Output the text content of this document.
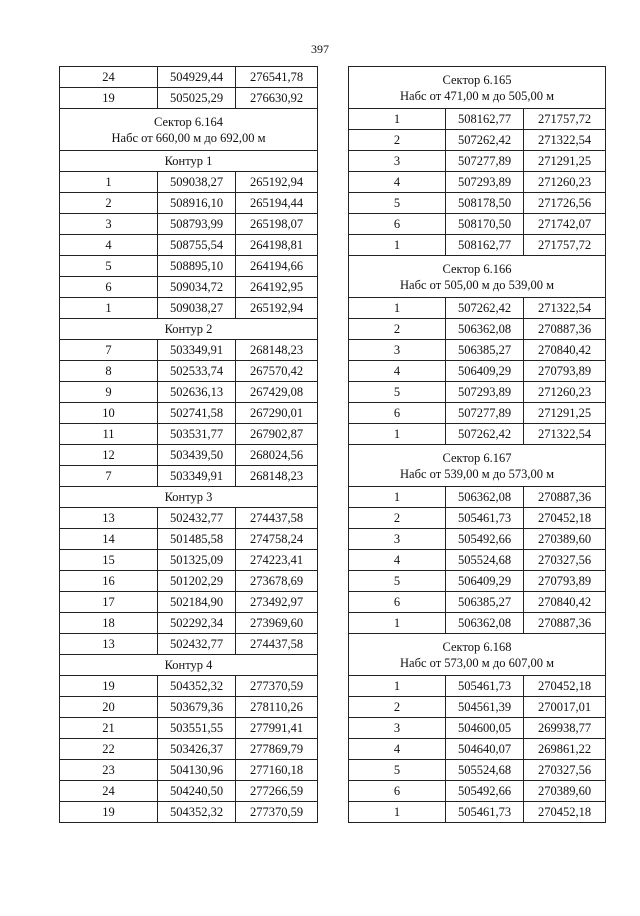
397
24	504929,44	276541,78
19	505025,29	276630,92

Сектор 6.164
Набс от 660,00 м до 692,00 м		

Контур 1		

1	509038,27	265192,94
2	508916,10	265194,44
3	508793,99	265198,07
4	508755,54	264198,81
5	508895,10	264194,66
6	509034,72	264192,95
1	509038,27	265192,94

Контур 2		

7	503349,91	268148,23
8	502533,74	267570,42
9	502636,13	267429,08
10	502741,58	267290,01
11	503531,77	267902,87
12	503439,50	268024,56
7	503349,91	268148,23

Контур 3		

13	502432,77	274437,58
14	501485,58	274758,24
15	501325,09	274223,41
16	501202,29	273678,69
17	502184,90	273492,97
18	502292,34	273969,60
13	502432,77	274437,58

Контур 4		

19	504352,32	277370,59
20	503679,36	278110,26
21	503551,55	277991,41
22	503426,37	277869,79
23	504130,96	277160,18
24	504240,50	277266,59
19	504352,32	277370,59
Сектор 6.165
Набс от 471,00 м до 505,00 м		

1	508162,77	271757,72
2	507262,42	271322,54
3	507277,89	271291,25
4	507293,89	271260,23
5	508178,50	271726,56
6	508170,50	271742,07
1	508162,77	271757,72

Сектор 6.166
Набс от 505,00 м до 539,00 м		

1	507262,42	271322,54
2	506362,08	270887,36
3	506385,27	270840,42
4	506409,29	270793,89
5	507293,89	271260,23
6	507277,89	271291,25
1	507262,42	271322,54

Сектор 6.167
Набс от 539,00 м до 573,00 м		

1	506362,08	270887,36
2	505461,73	270452,18
3	505492,66	270389,60
4	505524,68	270327,56
5	506409,29	270793,89
6	506385,27	270840,42
1	506362,08	270887,36

Сектор 6.168
Набс от 573,00 м до 607,00 м		

1	505461,73	270452,18
2	504561,39	270017,01
3	504600,05	269938,77
4	504640,07	269861,22
5	505524,68	270327,56
6	505492,66	270389,60
1	505461,73	270452,18
